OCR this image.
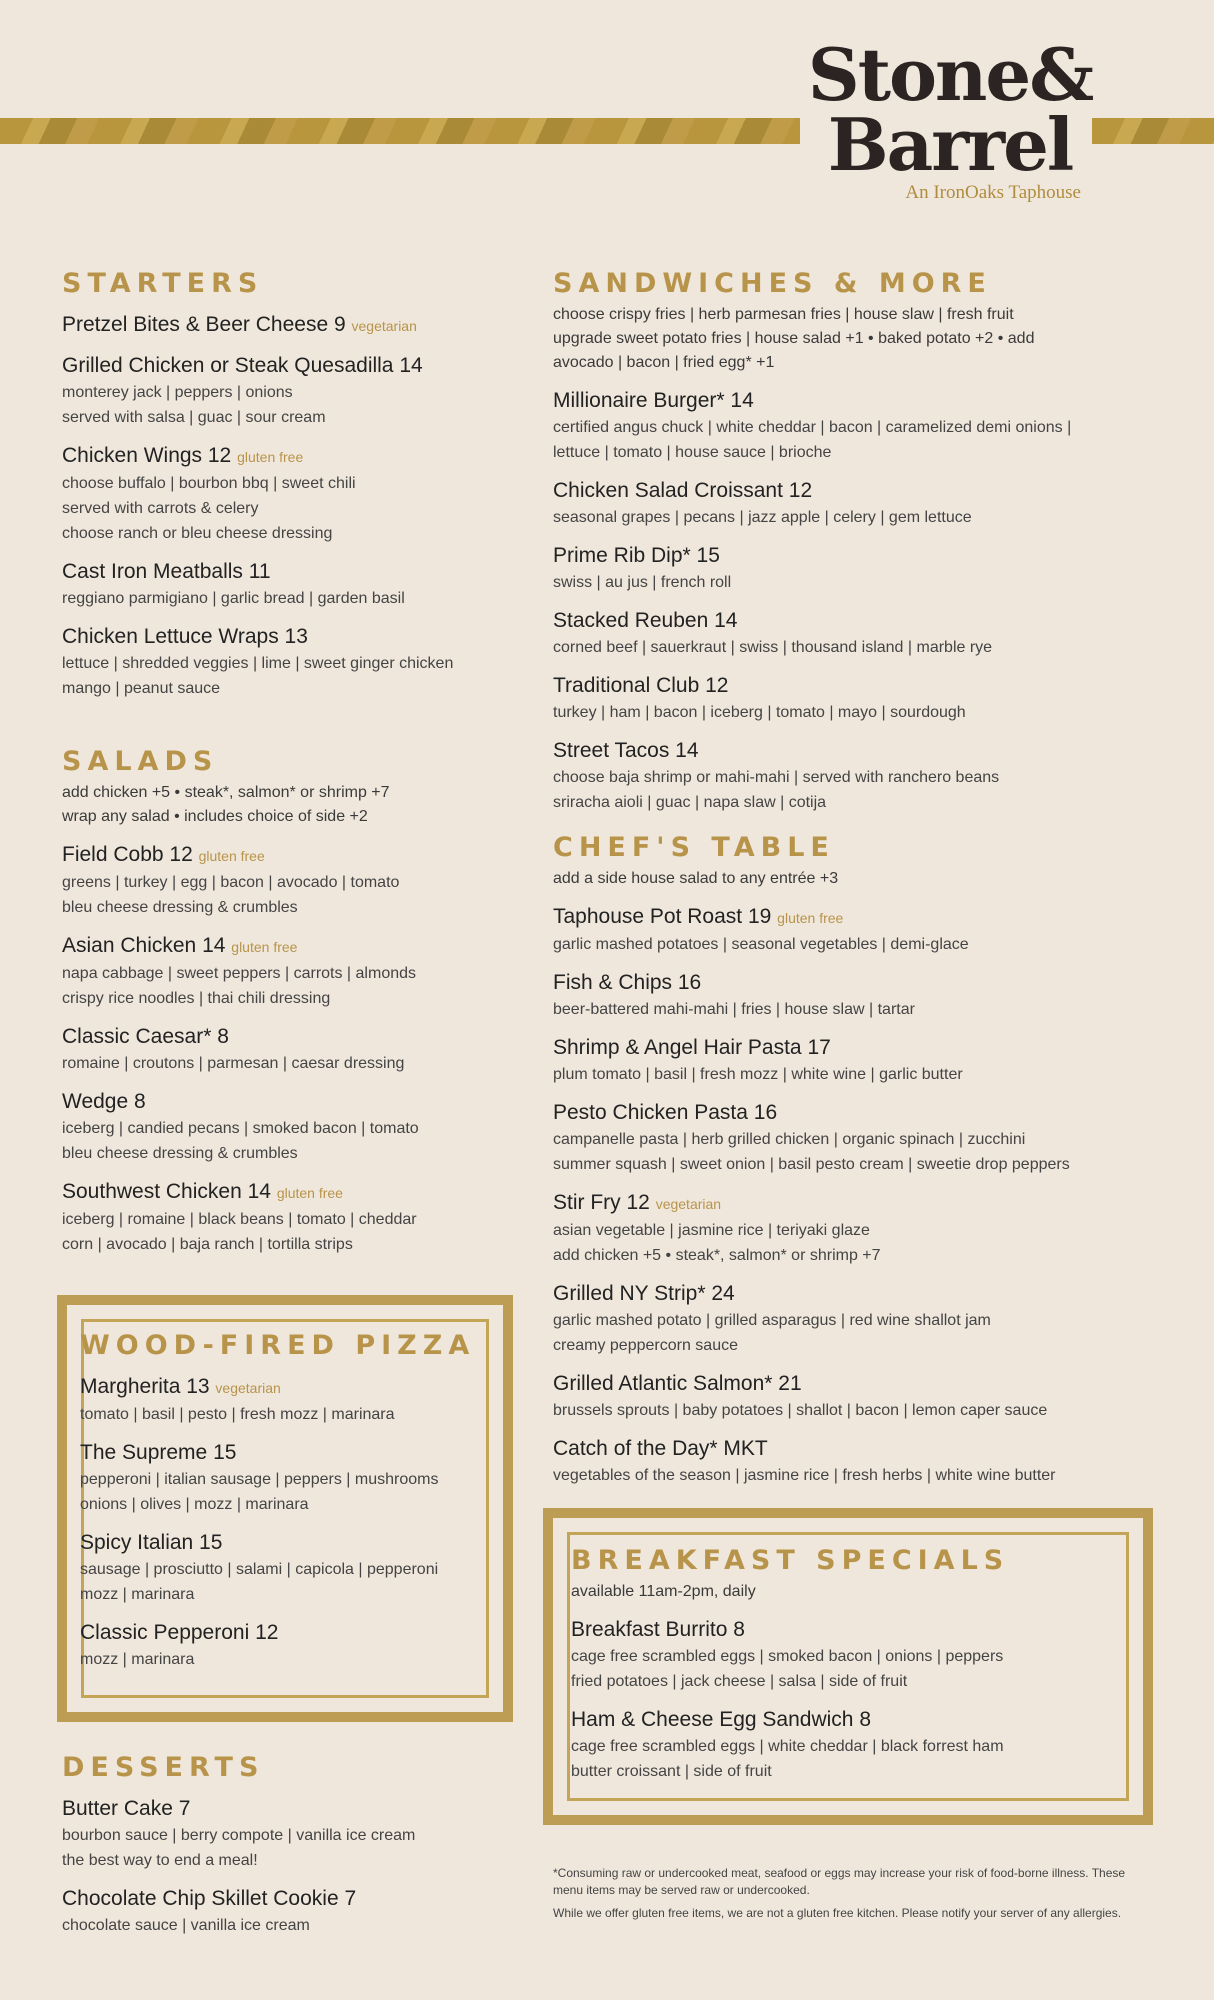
Stone&
Barrel
An IronOaks Taphouse
STARTERS
Pretzel Bites & Beer Cheese 9 vegetarian
Grilled Chicken or Steak Quesadilla 14
monterey jack | peppers | onions
served with salsa | guac | sour cream
Chicken Wings 12 gluten free
choose buffalo | bourbon bbq | sweet chili
served with carrots & celery
choose ranch or bleu cheese dressing
Cast Iron Meatballs 11
reggiano parmigiano | garlic bread | garden basil
Chicken Lettuce Wraps 13
lettuce | shredded veggies | lime | sweet ginger chicken
mango | peanut sauce
SALADS
add chicken +5 • steak*, salmon* or shrimp +7
wrap any salad • includes choice of side +2
Field Cobb 12 gluten free
greens | turkey | egg | bacon | avocado | tomato
bleu cheese dressing & crumbles
Asian Chicken 14 gluten free
napa cabbage | sweet peppers | carrots | almonds
crispy rice noodles | thai chili dressing
Classic Caesar* 8
romaine | croutons | parmesan | caesar dressing
Wedge 8
iceberg | candied pecans | smoked bacon | tomato
bleu cheese dressing & crumbles
Southwest Chicken 14 gluten free
iceberg | romaine | black beans | tomato | cheddar
corn | avocado | baja ranch | tortilla strips
WOOD-FIRED PIZZA
Margherita 13 vegetarian
tomato | basil | pesto | fresh mozz | marinara
The Supreme 15
pepperoni | italian sausage | peppers | mushrooms
onions | olives | mozz | marinara
Spicy Italian 15
sausage | prosciutto | salami | capicola | pepperoni
mozz | marinara
Classic Pepperoni 12
mozz | marinara
DESSERTS
Butter Cake 7
bourbon sauce | berry compote | vanilla ice cream
the best way to end a meal!
Chocolate Chip Skillet Cookie 7
chocolate sauce | vanilla ice cream
SANDWICHES & MORE
choose crispy fries | herb parmesan fries | house slaw | fresh fruit
upgrade sweet potato fries | house salad +1 • baked potato +2 • add
avocado | bacon | fried egg* +1
Millionaire Burger* 14
certified angus chuck | white cheddar | bacon | caramelized demi onions |
lettuce | tomato | house sauce | brioche
Chicken Salad Croissant 12
seasonal grapes | pecans | jazz apple | celery | gem lettuce
Prime Rib Dip* 15
swiss | au jus | french roll
Stacked Reuben 14
corned beef | sauerkraut | swiss | thousand island | marble rye
Traditional Club 12
turkey | ham | bacon | iceberg | tomato | mayo | sourdough
Street Tacos 14
choose baja shrimp or mahi-mahi | served with ranchero beans
sriracha aioli | guac | napa slaw | cotija
CHEF'S TABLE
add a side house salad to any entrée +3
Taphouse Pot Roast 19 gluten free
garlic mashed potatoes | seasonal vegetables | demi-glace
Fish & Chips 16
beer-battered mahi-mahi | fries | house slaw | tartar
Shrimp & Angel Hair Pasta 17
plum tomato | basil | fresh mozz | white wine | garlic butter
Pesto Chicken Pasta 16
campanelle pasta | herb grilled chicken | organic spinach | zucchini
summer squash | sweet onion | basil pesto cream | sweetie drop peppers
Stir Fry 12 vegetarian
asian vegetable | jasmine rice | teriyaki glaze
add chicken +5 • steak*, salmon* or shrimp +7
Grilled NY Strip* 24
garlic mashed potato | grilled asparagus | red wine shallot jam
creamy peppercorn sauce
Grilled Atlantic Salmon* 21
brussels sprouts | baby potatoes | shallot | bacon | lemon caper sauce
Catch of the Day* MKT
vegetables of the season | jasmine rice | fresh herbs | white wine butter
BREAKFAST SPECIALS
available 11am-2pm, daily
Breakfast Burrito 8
cage free scrambled eggs | smoked bacon | onions | peppers
fried potatoes | jack cheese | salsa | side of fruit
Ham & Cheese Egg Sandwich 8
cage free scrambled eggs | white cheddar | black forrest ham
butter croissant | side of fruit
*Consuming raw or undercooked meat, seafood or eggs may increase your risk of food-borne illness. These menu items may be served raw or undercooked.
While we offer gluten free items, we are not a gluten free kitchen. Please notify your server of any allergies.
